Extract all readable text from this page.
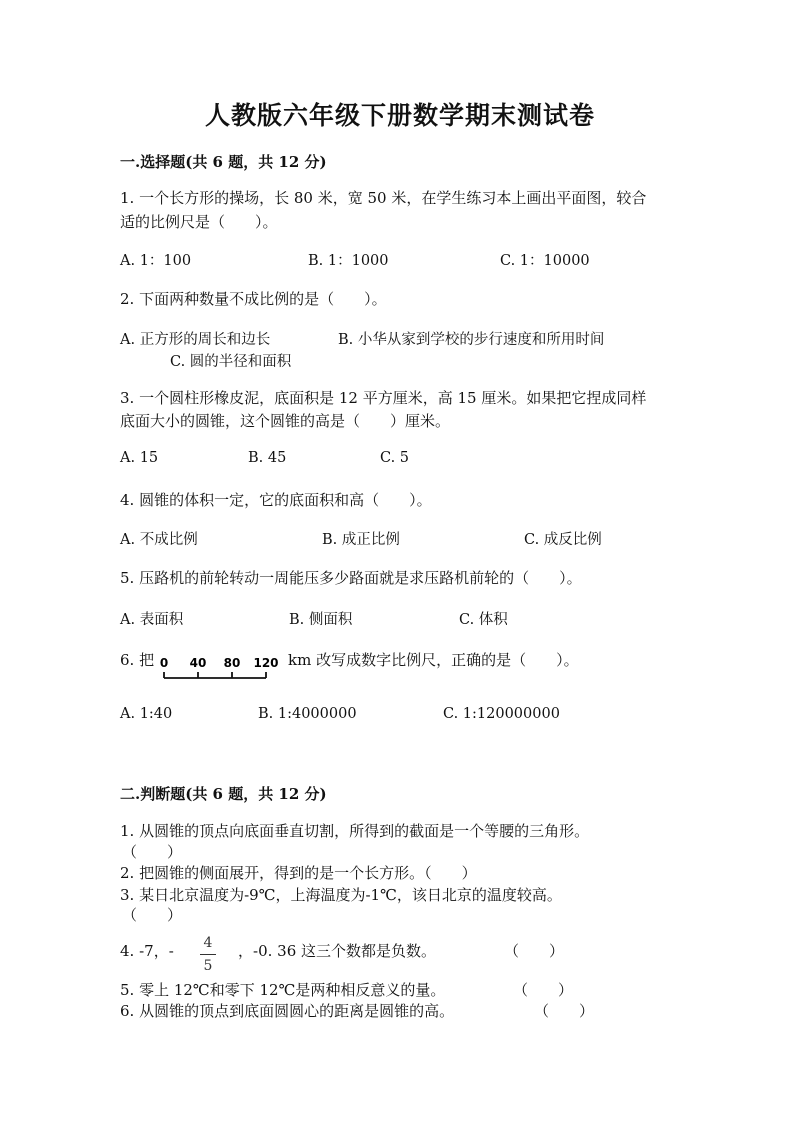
人教版六年级下册数学期末测试卷
一.选择题(共 6 题，共 12 分)
1. 一个长方形的操场，长 80 米，宽 50 米，在学生练习本上画出平面图，较合
适的比例尺是（　　）。
A. 1：100	B. 1：1000	C. 1：10000
2. 下面两种数量不成比例的是（　　）。
A. 正方形的周长和边长	B. 小华从家到学校的步行速度和所用时间
C. 圆的半径和面积
3. 一个圆柱形橡皮泥，底面积是 12 平方厘米，高 15 厘米。如果把它捏成同样
底面大小的圆锥，这个圆锥的高是（　　）厘米。
A. 15	B. 45	C. 5
4. 圆锥的体积一定，它的底面积和高（　　）。
A. 不成比例	B. 成正比例	C. 成反比例
5. 压路机的前轮转动一周能压多少路面就是求压路机前轮的（　　）。
A. 表面积	B. 侧面积	C. 体积
6. 把 0 40 80 120 km 改写成数字比例尺，正确的是（　　）。
A. 1:40	B. 1:4000000	C. 1:120000000
二.判断题(共 6 题，共 12 分)
1. 从圆锥的顶点向底面垂直切割，所得到的截面是一个等腰的三角形。
（　　）
2. 把圆锥的侧面展开，得到的是一个长方形。（　　）
3. 某日北京温度为-9℃，上海温度为-1℃，该日北京的温度较高。
（　　）
4. -7，-	4
5
，-0. 36 这三个数都是负数。	（　　）
5. 零上 12℃和零下 12℃是两种相反意义的量。	（　　）
6. 从圆锥的顶点到底面圆圆心的距离是圆锥的高。	（　　）
